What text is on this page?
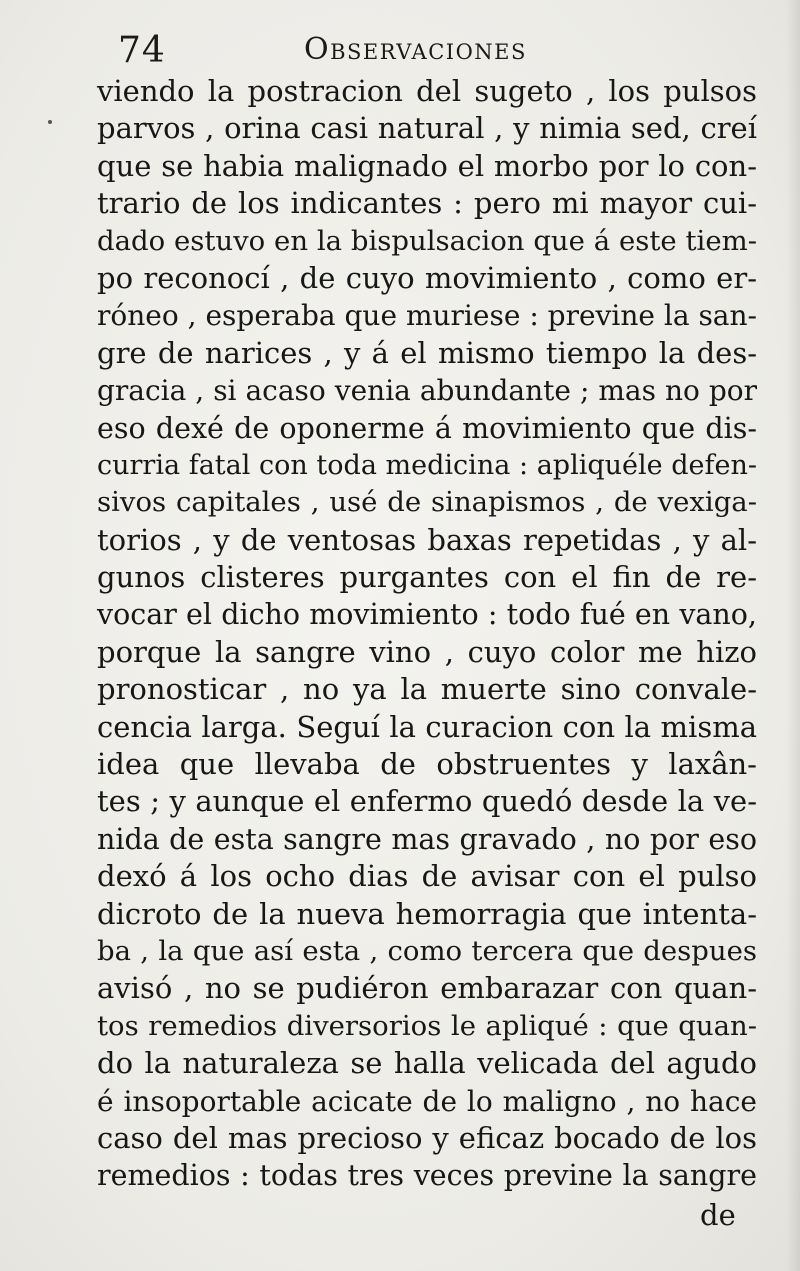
74	Observaciones
viendo la postracion del sugeto , los pulsos
parvos , orina casi natural , y nimia sed, creí
que se habia malignado el morbo por lo con-
trario de los indicantes : pero mi mayor cui-
dado estuvo en la bispulsacion que á este tiem-
po reconocí , de cuyo movimiento , como er-
róneo , esperaba que muriese : previne la san-
gre de narices , y á el mismo tiempo la des-
gracia , si acaso venia abundante ; mas no por
eso dexé de oponerme á movimiento que dis-
curria fatal con toda medicina : apliquéle defen-
sivos capitales , usé de sinapismos , de vexiga-
torios , y de ventosas baxas repetidas , y al-
gunos clisteres purgantes con el fin de re-
vocar el dicho movimiento : todo fué en vano,
porque la sangre vino , cuyo color me hizo
pronosticar , no ya la muerte sino convale-
cencia larga. Seguí la curacion con la misma
idea que llevaba de obstruentes y laxân-
tes ; y aunque el enfermo quedó desde la ve-
nida de esta sangre mas gravado , no por eso
dexó á los ocho dias de avisar con el pulso
dicroto de la nueva hemorragia que intenta-
ba , la que así esta , como tercera que despues
avisó , no se pudiéron embarazar con quan-
tos remedios diversorios le apliqué : que quan-
do la naturaleza se halla velicada del agudo
é insoportable acicate de lo maligno , no hace
caso del mas precioso y eficaz bocado de los
remedios : todas tres veces previne la sangre
de
